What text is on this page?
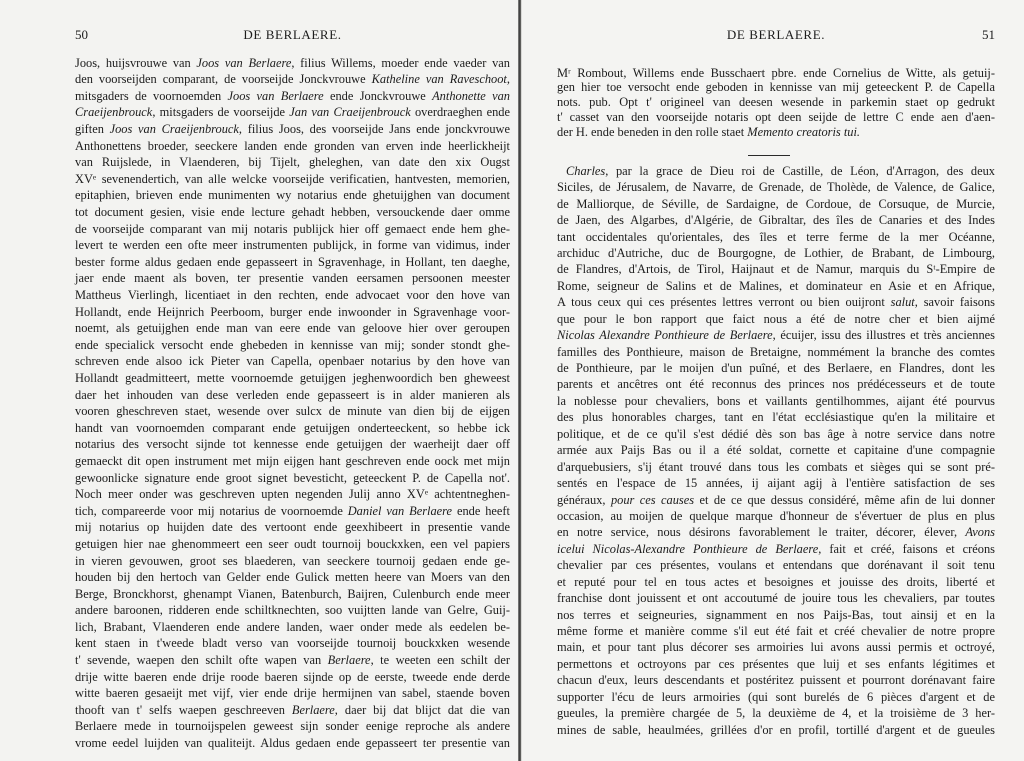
50	DE BERLAERE.
Joos, huijsvrouwe van Joos van Berlaere, filius Willems, moeder ende vaeder van
den voorseijden comparant, de voorseijde Jonckvrouwe Katheline van Raveschoot,
mitsgaders de voornoemden Joos van Berlaere ende Jonckvrouwe Anthonette van
Craeijenbrouck, mitsgaders de voorseijde Jan van Craeijenbrouck overdraeghen ende
giften Joos van Craeijenbrouck, filius Joos, des voorseijde Jans ende jonckvrouwe
Anthonettens broeder, seeckere landen ende gronden van erven inde heerlickheijt
van Ruijslede, in Vlaenderen, bij Tijelt, gheleghen, van date den xix Ougst
XVᵉ sevenendertich, van alle welcke voorseijde verificatien, hantvesten, memorien,
epitaphien, brieven ende munimenten wy notarius ende ghetuijghen van document
tot document gesien, visie ende lecture gehadt hebben, versouckende daer omme
de voorseijde comparant van mij notaris publijck hier off gemaect ende hem ghe-
levert te werden een ofte meer instrumenten publijck, in forme van vidimus, inder
bester forme aldus gedaen ende gepasseert in Sgravenhage, in Hollant, ten daeghe,
jaer ende maent als boven, ter presentie vanden eersamen persoonen meester
Mattheus Vierlingh, licentiaet in den rechten, ende advocaet voor den hove van
Hollandt, ende Heijnrich Peerboom, burger ende inwoonder in Sgravenhage voor-
noemt, als getuijghen ende man van eere ende van geloove hier over geroupen
ende specialick versocht ende ghebeden in kennisse van mij; sonder stondt ghe-
schreven ende alsoo ick Pieter van Capella, openbaer notarius by den hove van
Hollandt geadmitteert, mette voornoemde getuijgen jeghenwoordich ben gheweest
daer het inhouden van dese verleden ende gepasseert is in alder manieren als
vooren gheschreven staet, wesende over sulcx de minute van dien bij de eijgen
handt van voornoemden comparant ende getuijgen onderteeckent, so hebbe ick
notarius des versocht sijnde tot kennesse ende getuijgen der waerheijt daer off
gemaeckt dit open instrument met mijn eijgen hant geschreven ende oock met mijn
gewoonlicke signature ende groot signet bevesticht, geteeckent P. de Capella not'.
Noch meer onder was geschreven upten negenden Julij anno XVᵉ achtentneghen-
tich, compareerde voor mij notarius de voornoemde Daniel van Berlaere ende heeft
mij notarius op huijden date des vertoont ende geexhibeert in presentie vande
getuigen hier nae ghenommeert een seer oudt tournoij bouckxken, een vel papiers
in vieren gevouwen, groot ses blaederen, van seeckere tournoij gedaen ende ge-
houden bij den hertoch van Gelder ende Gulick metten heere van Moers van den
Berge, Bronckhorst, ghenampt Vianen, Batenburch, Baijren, Culenburch ende meer
andere baroonen, ridderen ende schiltknechten, soo vuijtten lande van Gelre, Guij-
lich, Brabant, Vlaenderen ende andere landen, waer onder mede als eedelen be-
kent staen in t'weede bladt verso van voorseijde tournoij bouckxken wesende
t' sevende, waepen den schilt ofte wapen van Berlaere, te weeten een schilt der
drije witte baeren ende drije roode baeren sijnde op de eerste, tweede ende derde
witte baeren gesaeijt met vijf, vier ende drije hermijnen van sabel, staende boven
thooft van t' selfs waepen geschreeven Berlaere, daer bij dat blijct dat die van
Berlaere mede in tournoijspelen geweest sijn sonder eenige reproche als andere
vrome eedel luijden van qualiteijt. Aldus gedaen ende gepasseert ter presentie van
DE BERLAERE.	51
Mʳ Rombout, Willems ende Busschaert pbre. ende Cornelius de Witte, als getuij-
gen hier toe versocht ende geboden in kennisse van mij geteeckent P. de Capella
nots. pub. Opt t' origineel van deesen wesende in parkemin staet op gedrukt
t' casset van den voorseijde notaris opt deen seijde de lettre C ende aen d'aen-
der H. ende beneden in den rolle staet Memento creatoris tui.
Charles, par la grace de Dieu roi de Castille, de Léon, d'Arragon, des deux
Siciles, de Jérusalem, de Navarre, de Grenade, de Tholède, de Valence, de Galice,
de Malliorque, de Séville, de Sardaigne, de Cordoue, de Corsuque, de Murcie,
de Jaen, des Algarbes, d'Algérie, de Gibraltar, des îles de Canaries et des Indes
tant occidentales qu'orientales, des îles et terre ferme de la mer Océanne,
archiduc d'Autriche, duc de Bourgogne, de Lothier, de Brabant, de Limbourg,
de Flandres, d'Artois, de Tirol, Haijnaut et de Namur, marquis du Sᵗ-Empire de
Rome, seigneur de Salins et de Malines, et dominateur en Asie et en Afrique,
A tous ceux qui ces présentes lettres verront ou bien ouijront salut, savoir faisons
que pour le bon rapport que faict nous a été de notre cher et bien aijmé
Nicolas Alexandre Ponthieure de Berlaere, écuijer, issu des illustres et très anciennes
familles des Ponthieure, maison de Bretaigne, nommément la branche des comtes
de Ponthieure, par le moijen d'un puîné, et des Berlaere, en Flandres, dont les
parents et ancêtres ont été reconnus des princes nos prédécesseurs et de toute
la noblesse pour chevaliers, bons et vaillants gentilhommes, aijant été pourvus
des plus honorables charges, tant en l'état ecclésiastique qu'en la militaire et
politique, et de ce qu'il s'est dédié dès son bas âge à notre service dans notre
armée aux Paijs Bas ou il a été soldat, cornette et capitaine d'une compagnie
d'arquebusiers, s'ij étant trouvé dans tous les combats et sièges qui se sont pré-
sentés en l'espace de 15 années, ij aijant agij à l'entière satisfaction de ses
généraux, pour ces causes et de ce que dessus considéré, même afin de lui donner
occasion, au moijen de quelque marque d'honneur de s'évertuer de plus en plus
en notre service, nous désirons favorablement le traiter, décorer, élever, Avons
icelui Nicolas-Alexandre Ponthieure de Berlaere, fait et créé, faisons et créons
chevalier par ces présentes, voulans et entendans que dorénavant il soit tenu
et reputé pour tel en tous actes et besoignes et jouisse des droits, liberté et
franchise dont jouissent et ont accoutumé de jouire tous les chevaliers, par toutes
nos terres et seigneuries, signamment en nos Paijs-Bas, tout ainsij et en la
même forme et manière comme s'il eut été fait et créé chevalier de notre propre
main, et pour tant plus décorer ses armoiries lui avons aussi permis et octroyé,
permettons et octroyons par ces présentes que luij et ses enfants légitimes et
chacun d'eux, leurs descendants et postéritez puissent et pourront dorénavant faire
supporter l'écu de leurs armoiries (qui sont burelés de 6 pièces d'argent et de
gueules, la première chargée de 5, la deuxième de 4, et la troisième de 3 her-
mines de sable, heaulmées, grillées d'or en profil, tortillé d'argent et de gueules
